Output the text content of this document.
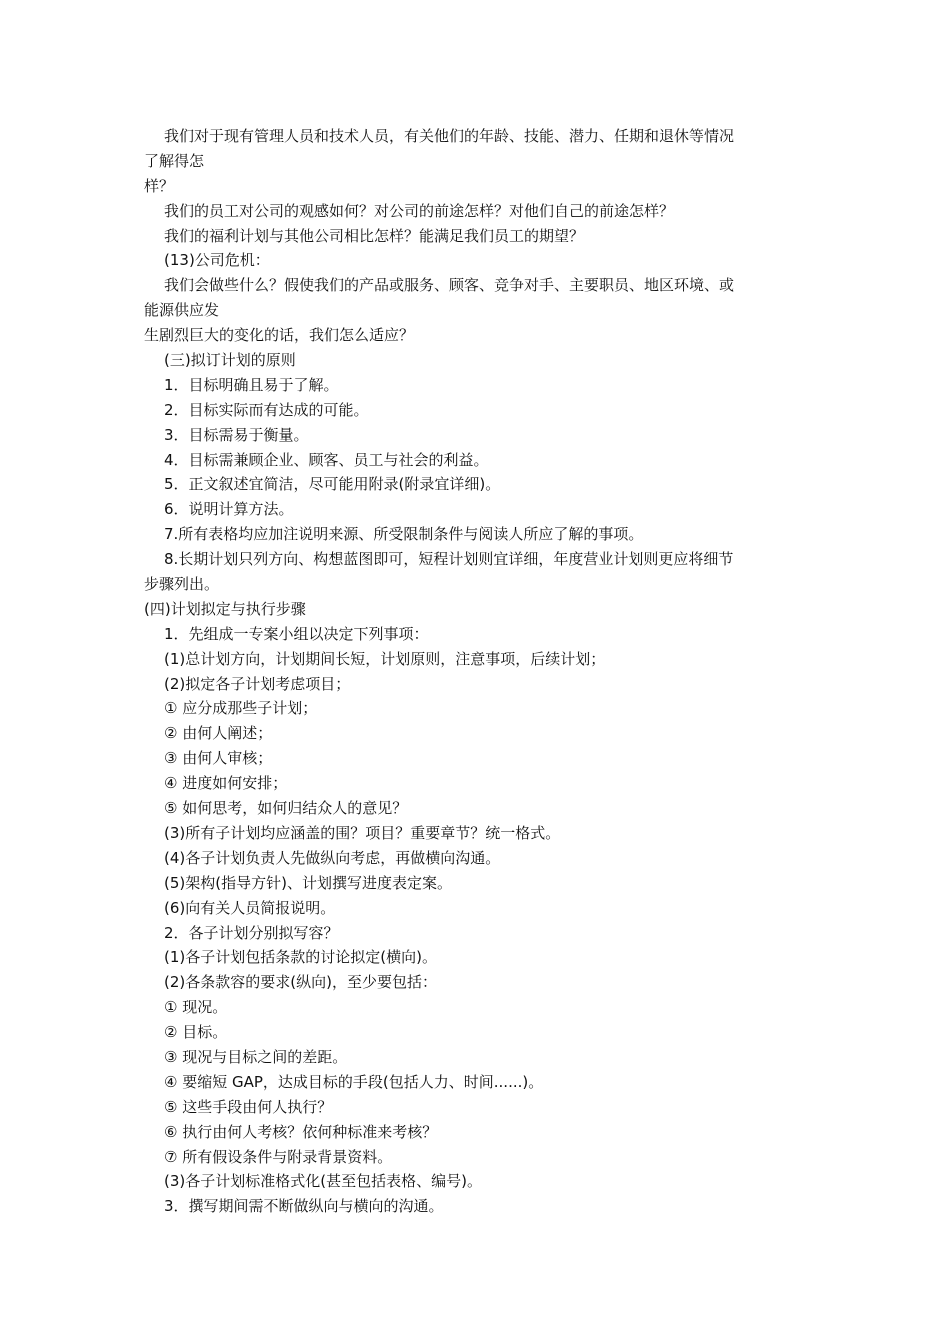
我们对于现有管理人员和技术人员，有关他们的年龄、技能、潜力、任期和退休等情况
了解得怎
样？
我们的员工对公司的观感如何？对公司的前途怎样？对他们自己的前途怎样？
我们的福利计划与其他公司相比怎样？能满足我们员工的期望？
(13)公司危机：
我们会做些什么？假使我们的产品或服务、顾客、竞争对手、主要职员、地区环境、或
能源供应发
生剧烈巨大的变化的话，我们怎么适应？
(三)拟订计划的原则
1．目标明确且易于了解。
2．目标实际而有达成的可能。
3．目标需易于衡量。
4．目标需兼顾企业、顾客、员工与社会的利益。
5．正文叙述宜简洁，尽可能用附录(附录宜详细)。
6．说明计算方法。
7.所有表格均应加注说明来源、所受限制条件与阅读人所应了解的事项。
8.长期计划只列方向、构想蓝图即可，短程计划则宜详细，年度营业计划则更应将细节
步骤列出。
(四)计划拟定与执行步骤
1．先组成一专案小组以决定下列事项：
(1)总计划方向，计划期间长短，计划原则，注意事项，后续计划；
(2)拟定各子计划考虑项目；
① 应分成那些子计划；
② 由何人阐述；
③ 由何人审核；
④ 进度如何安排；
⑤ 如何思考，如何归结众人的意见？
(3)所有子计划均应涵盖的围？项目？重要章节？统一格式。
(4)各子计划负责人先做纵向考虑，再做横向沟通。
(5)架构(指导方针)、计划撰写进度表定案。
(6)向有关人员简报说明。
2．各子计划分别拟写容？
(1)各子计划包括条款的讨论拟定(横向)。
(2)各条款容的要求(纵向)，至少要包括：
① 现况。
② 目标。
③ 现况与目标之间的差距。
④ 要缩短 GAP，达成目标的手段(包括人力、时间......)。
⑤ 这些手段由何人执行？
⑥ 执行由何人考核？依何种标准来考核？
⑦ 所有假设条件与附录背景资料。
(3)各子计划标准格式化(甚至包括表格、编号)。
3．撰写期间需不断做纵向与横向的沟通。
